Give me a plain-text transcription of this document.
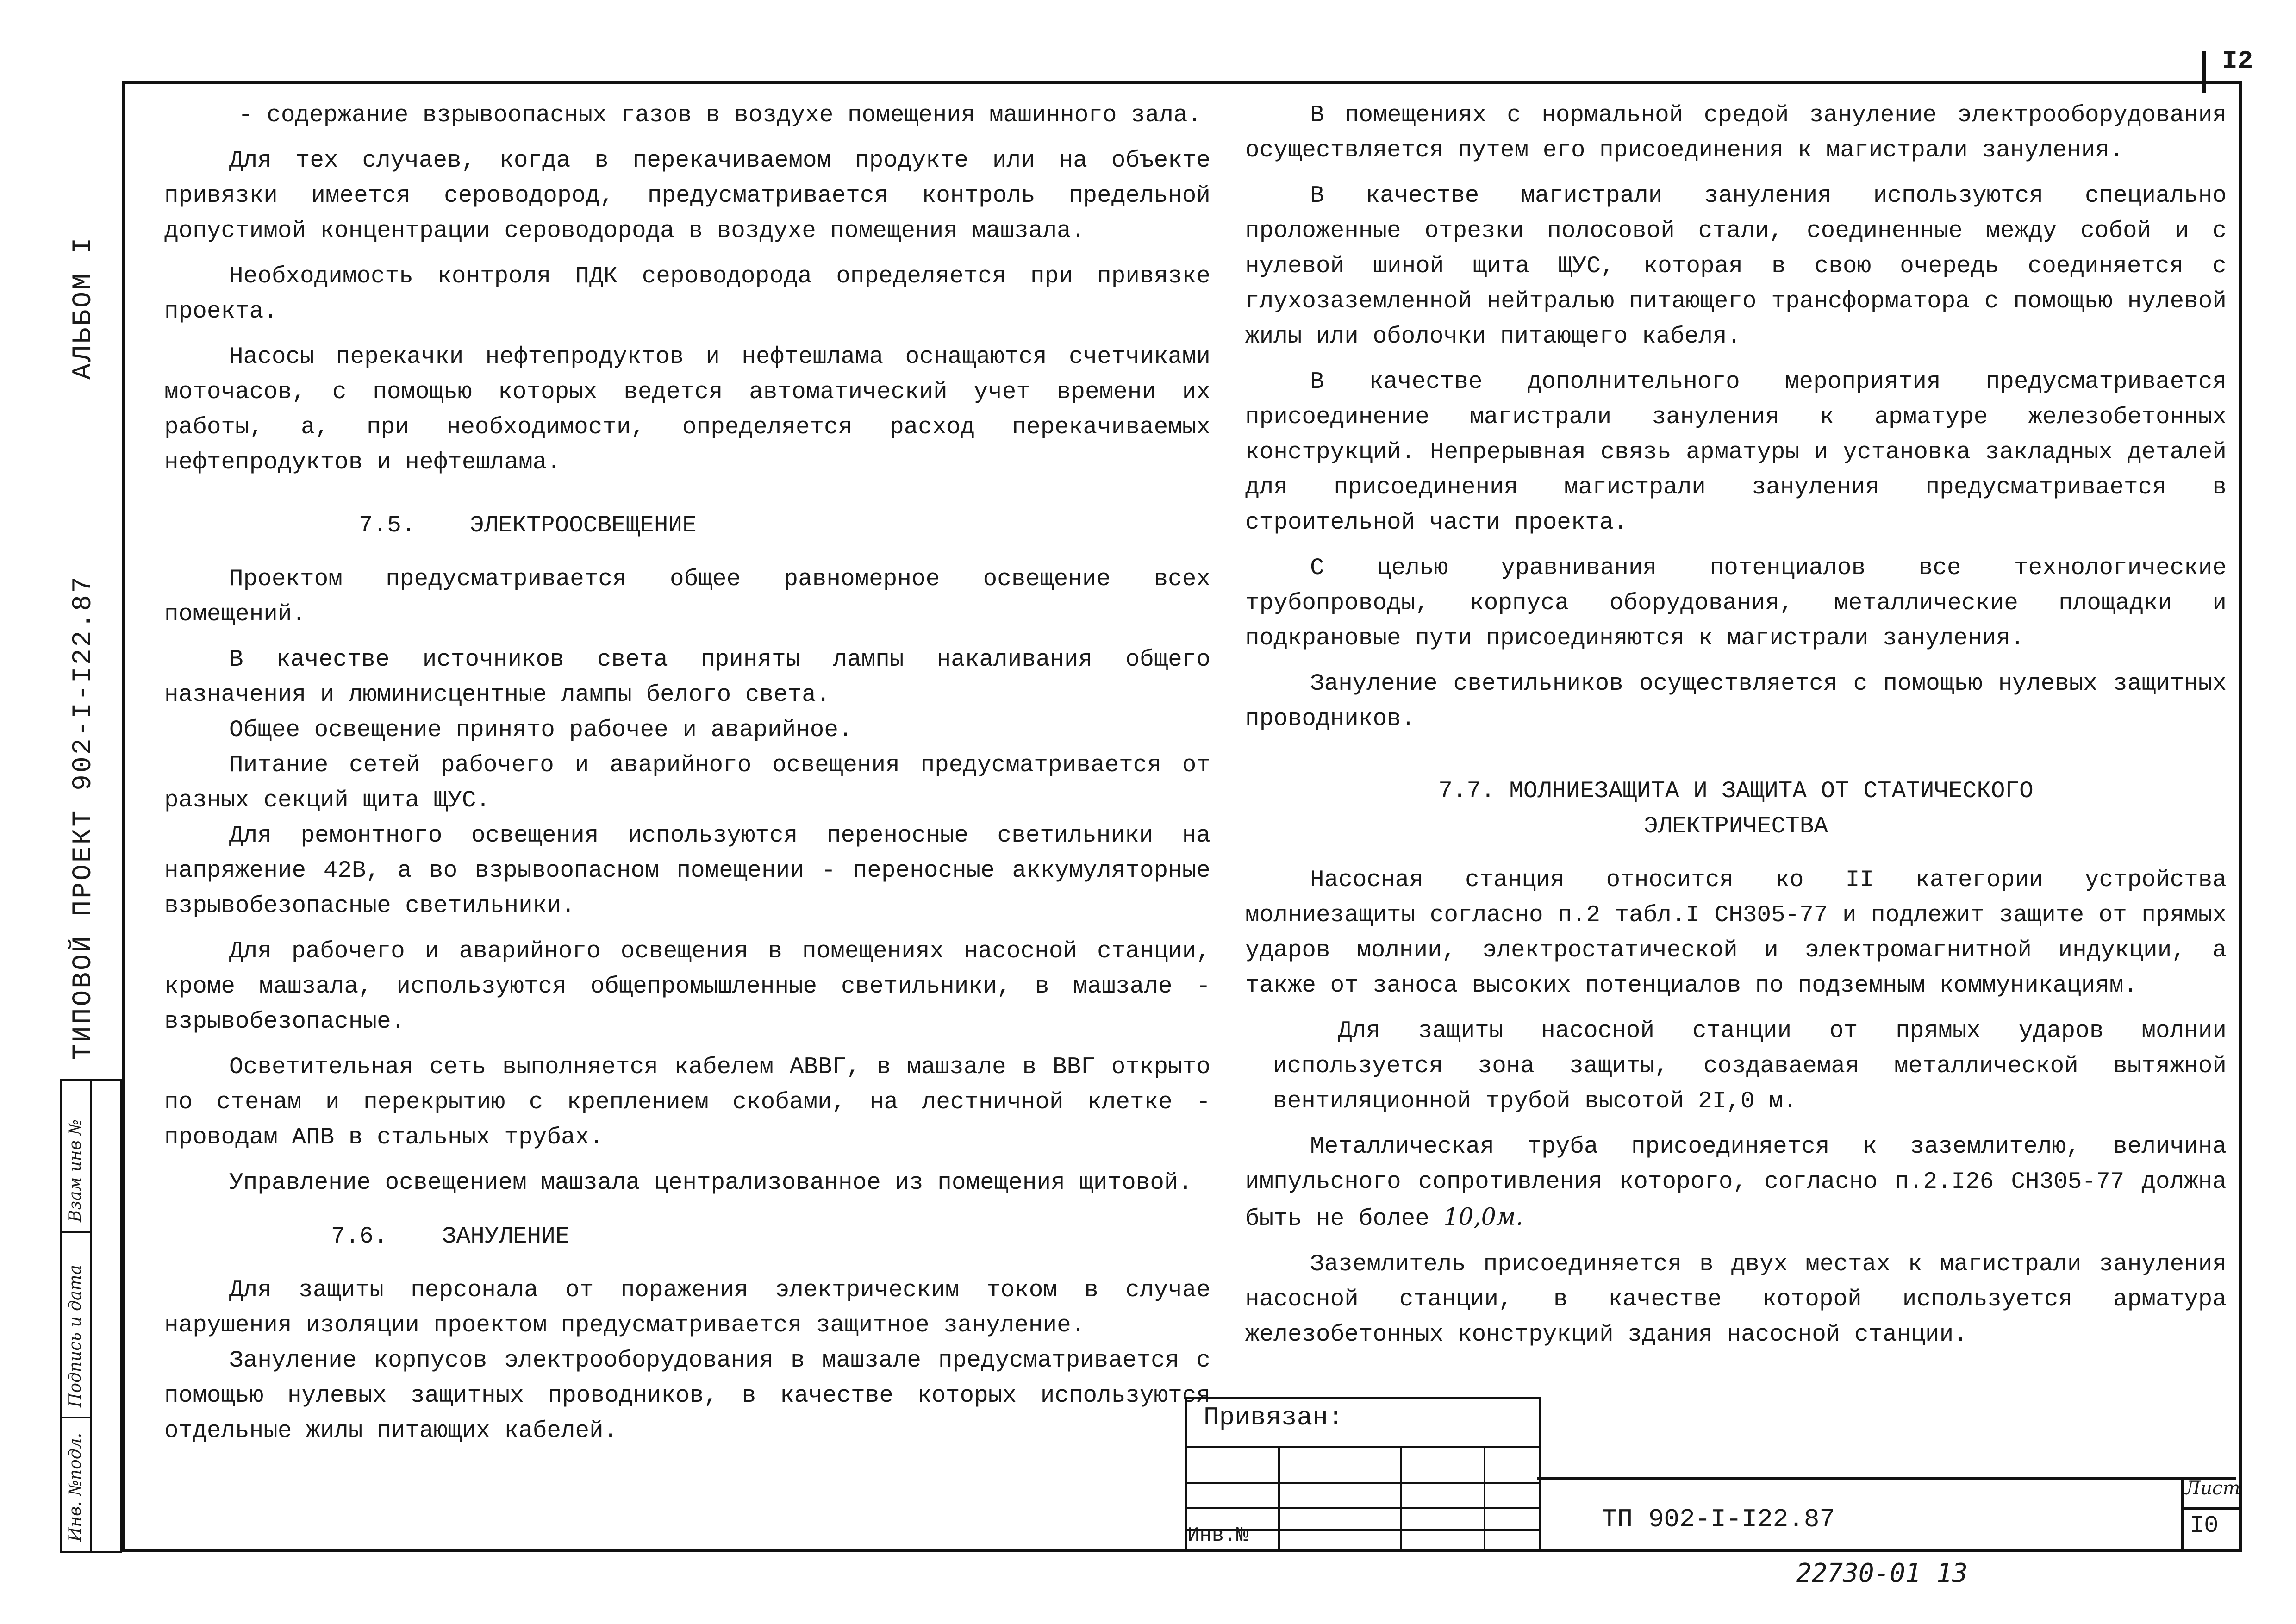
I2
АЛЬБОМ I
ТИПОВОЙ ПРОЕКТ 902-I-I22.87
Взам инв №
Подпись и дата
Инв. №подл.

- содержание взрывоопасных газов в воздухе помещения машинного зала.

Для тех случаев, когда в перекачиваемом продукте или на объекте привязки имеется сероводород, предусматривается контроль предельной допустимой концентрации сероводорода в воздухе помещения машзала.

Необходимость контроля ПДК сероводорода определяется при привязке проекта.

Насосы перекачки нефтепродуктов и нефтешлама оснащаются счетчиками моточасов, с помощью которых ведется автоматический учет времени их работы, а, при необходимости, определяется расход перекачиваемых нефтепродуктов и нефтешлама.

7.5. ЭЛЕКТРООСВЕЩЕНИЕ

Проектом предусматривается общее равномерное освещение всех помещений.

В качестве источников света приняты лампы накаливания общего назначения и люминисцентные лампы белого света.

Общее освещение принято рабочее и аварийное.

Питание сетей рабочего и аварийного освещения предусматривается от разных секций щита ЩУС.

Для ремонтного освещения используются переносные светильники на напряжение 42В, а во взрывоопасном помещении - переносные аккумуляторные взрывобезопасные светильники.

Для рабочего и аварийного освещения в помещениях насосной станции, кроме машзала, используются общепромышленные светильники, в машзале - взрывобезопасные.

Осветительная сеть выполняется кабелем АВВГ, в машзале в ВВГ открыто по стенам и перекрытию с креплением скобами, на лестничной клетке - проводам АПВ в стальных трубах.

Управление освещением машзала централизованное из помещения щитовой.

7.6. ЗАНУЛЕНИЕ

Для защиты персонала от поражения электрическим током в случае нарушения изоляции проектом предусматривается защитное зануление.

Зануление корпусов электрооборудования в машзале предусматривается с помощью нулевых защитных проводников, в качестве которых используются отдельные жилы питающих кабелей.

В помещениях с нормальной средой зануление электрооборудования осуществляется путем его присоединения к магистрали зануления.

В качестве магистрали зануления используются специально проложенные отрезки полосовой стали, соединенные между собой и с нулевой шиной щита ЩУС, которая в свою очередь соединяется с глухозаземленной нейтралью питающего трансформатора с помощью нулевой жилы или оболочки питающего кабеля.

В качестве дополнительного мероприятия предусматривается присоединение магистрали зануления к арматуре железобетонных конструкций. Непрерывная связь арматуры и установка закладных деталей для присоединения магистрали зануления предусматривается в строительной части проекта.

С целью уравнивания потенциалов все технологические трубопроводы, корпуса оборудования, металлические площадки и подкрановые пути присоединяются к магистрали зануления.

Зануление светильников осуществляется с помощью нулевых защитных проводников.

7.7. МОЛНИЕЗАЩИТА И ЗАЩИТА ОТ СТАТИЧЕСКОГО
ЭЛЕКТРИЧЕСТВА

Насосная станция относится ко II категории устройства молниезащиты согласно п.2 табл.I СН305-77 и подлежит защите от прямых ударов молнии, электростатической и электромагнитной индукции, а также от заноса высоких потенциалов по подземным коммуникациям.

Для защиты насосной станции от прямых ударов молнии используется зона защиты, создаваемая металлической вытяжной вентиляционной трубой высотой 2I,0 м.

Металлическая труба присоединяется к заземлителю, величина импульсного сопротивления которого, согласно п.2.I26 СН305-77 должна быть не более 10,0м.

Заземлитель присоединяется в двух местах к магистрали зануления насосной станции, в качестве которой используется арматура железобетонных конструкций здания насосной станции.

Привязан:
Инв.№
ТП 902-I-I22.87
Лист
I0
22730-01 13
